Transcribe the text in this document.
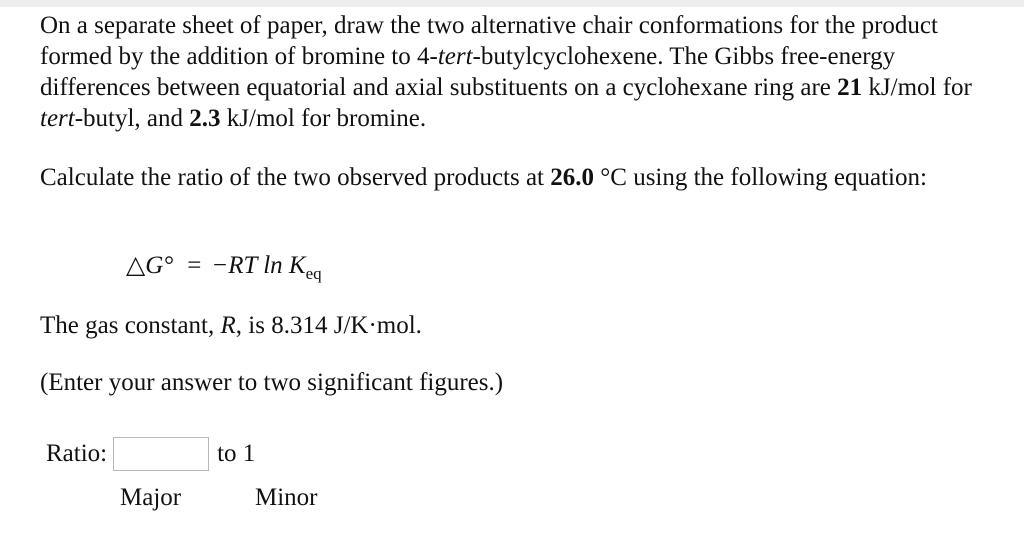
On a separate sheet of paper, draw the two alternative chair conformations for the product formed by the addition of bromine to 4-tert-butylcyclohexene. The Gibbs free-energy differences between equatorial and axial substituents on a cyclohexane ring are 21 kJ/mol for tert-butyl, and 2.3 kJ/mol for bromine.

Calculate the ratio of the two observed products at 26.0 °C using the following equation:

△G° = −RT $\ln K_{eq}$

The gas constant, R, is 8.314 J/K·mol.

(Enter your answer to two significant figures.)

Ratio:	to 1
Major	Minor
